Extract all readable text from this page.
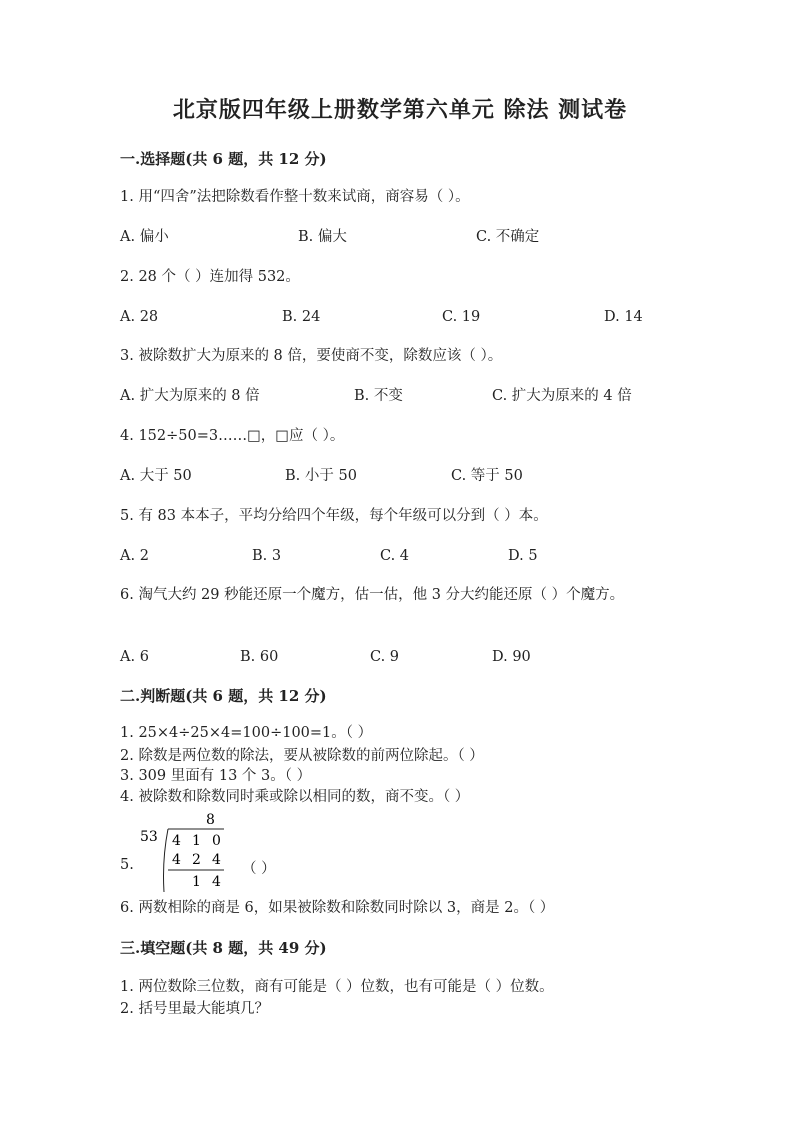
北京版四年级上册数学第六单元 除法 测试卷
一.选择题(共 6 题，共 12 分)
1. 用“四舍”法把除数看作整十数来试商，商容易（ ）。
A. 偏小	B. 偏大	C. 不确定
2. 28 个（ ）连加得 532。
A. 28	B. 24	C. 19	D. 14
3. 被除数扩大为原来的 8 倍，要使商不变，除数应该（ ）。
A. 扩大为原来的 8 倍	B. 不变	C. 扩大为原来的 4 倍
4. 152÷50=3……□，□应（ ）。
A. 大于 50	B. 小于 50	C. 等于 50
5. 有 83 本本子，平均分给四个年级，每个年级可以分到（ ）本。
A. 2	B. 3	C. 4	D. 5
6. 淘气大约 29 秒能还原一个魔方，估一估，他 3 分大约能还原（ ）个魔方。
A. 6	B. 60	C. 9	D. 90
二.判断题(共 6 题，共 12 分)
1. 25×4÷25×4=100÷100=1。（ ）
2. 除数是两位数的除法，要从被除数的前两位除起。（ ）
3. 309 里面有 13 个 3。（ ）
4. 被除数和除数同时乘或除以相同的数，商不变。（ ）
5.
8
53 4 1 0
4 2 4
1 4
（ ）
6. 两数相除的商是 6，如果被除数和除数同时除以 3，商是 2。（ ）
三.填空题(共 8 题，共 49 分)
1. 两位数除三位数，商有可能是（ ）位数，也有可能是（ ）位数。
2. 括号里最大能填几？
